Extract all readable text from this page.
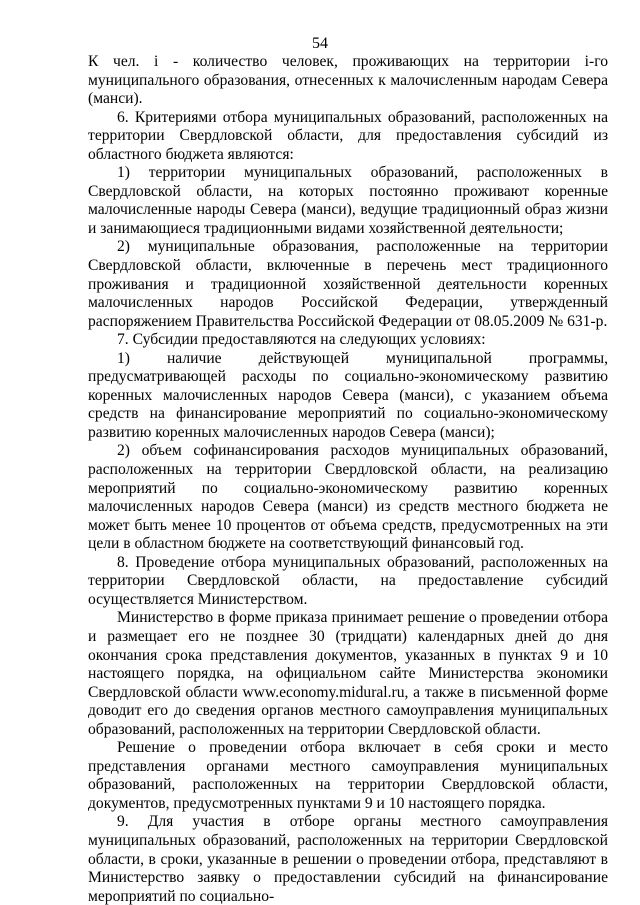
54

К чел. i - количество человек, проживающих на территории i-го муниципального образования, отнесенных к малочисленным народам Севера (манси).

6. Критериями отбора муниципальных образований, расположенных на территории Свердловской области, для предоставления субсидий из областного бюджета являются:

1) территории муниципальных образований, расположенных в Свердловской области, на которых постоянно проживают коренные малочисленные народы Севера (манси), ведущие традиционный образ жизни и занимающиеся традиционными видами хозяйственной деятельности;

2) муниципальные образования, расположенные на территории Свердловской области, включенные в перечень мест традиционного проживания и традиционной хозяйственной деятельности коренных малочисленных народов Российской Федерации, утвержденный распоряжением Правительства Российской Федерации от 08.05.2009 № 631-р.

7. Субсидии предоставляются на следующих условиях:

1) наличие действующей муниципальной программы, предусматривающей расходы по социально-экономическому развитию коренных малочисленных народов Севера (манси), с указанием объема средств на финансирование мероприятий по социально-экономическому развитию коренных малочисленных народов Севера (манси);

2) объем софинансирования расходов муниципальных образований, расположенных на территории Свердловской области, на реализацию мероприятий по социально-экономическому развитию коренных малочисленных народов Севера (манси) из средств местного бюджета не может быть менее 10 процентов от объема средств, предусмотренных на эти цели в областном бюджете на соответствующий финансовый год.

8. Проведение отбора муниципальных образований, расположенных на территории Свердловской области, на предоставление субсидий осуществляется Министерством.

Министерство в форме приказа принимает решение о проведении отбора и размещает его не позднее 30 (тридцати) календарных дней до дня окончания срока представления документов, указанных в пунктах 9 и 10 настоящего порядка, на официальном сайте Министерства экономики Свердловской области www.economy.midural.ru, а также в письменной форме доводит его до сведения органов местного самоуправления муниципальных образований, расположенных на территории Свердловской области.

Решение о проведении отбора включает в себя сроки и место представления органами местного самоуправления муниципальных образований, расположенных на территории Свердловской области, документов, предусмотренных пунктами 9 и 10 настоящего порядка.

9. Для участия в отборе органы местного самоуправления муниципальных образований, расположенных на территории Свердловской области, в сроки, указанные в решении о проведении отбора, представляют в Министерство заявку о предоставлении субсидий на финансирование мероприятий по социально-
